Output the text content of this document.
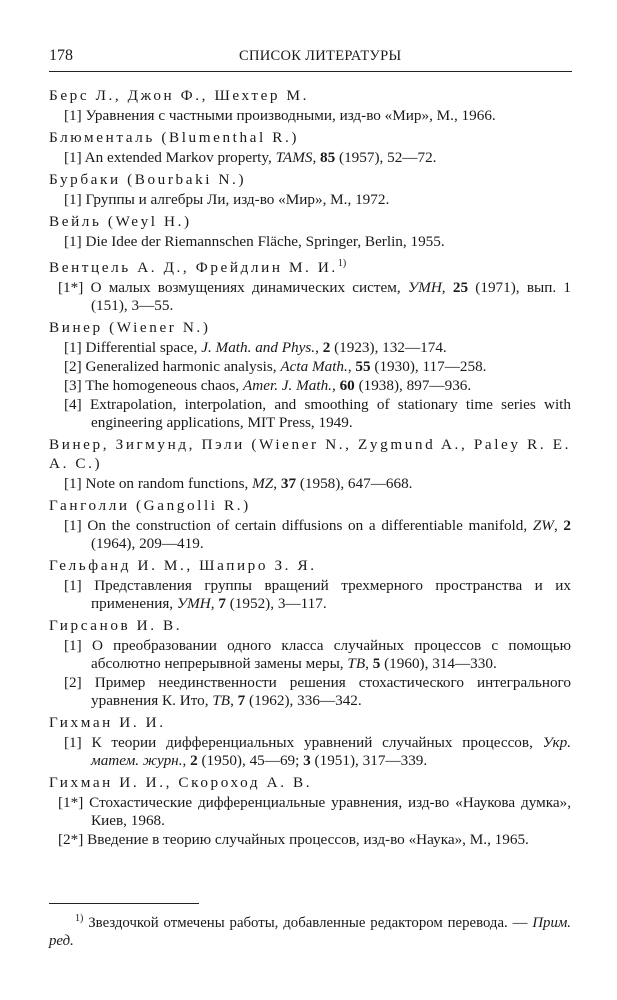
178	СПИСОК ЛИТЕРАТУРЫ
Берс Л., Джон Ф., Шехтер М.
[1] Уравнения с частными производными, изд-во «Мир», М., 1966.
Блюменталь (Blumenthal R.)
[1] An extended Markov property, TAMS, 85 (1957), 52—72.
Бурбаки (Bourbaki N.)
[1] Группы и алгебры Ли, изд-во «Мир», М., 1972.
Вейль (Weyl H.)
[1] Die Idee der Riemannschen Fläche, Springer, Berlin, 1955.
Вентцель А. Д., Фрейдлин М. И.$^{1)}$
[1*] О малых возмущениях динамических систем, УМН, 25 (1971), вып. 1 (151), 3—55.
Винер (Wiener N.)
[1] Differential space, J. Math. and Phys., 2 (1923), 132—174.
[2] Generalized harmonic analysis, Acta Math., 55 (1930), 117—258.
[3] The homogeneous chaos, Amer. J. Math., 60 (1938), 897—936.
[4] Extrapolation, interpolation, and smoothing of stationary time series with engineering applications, MIT Press, 1949.
Винер, Зигмунд, Пэли (Wiener N., Zygmund A., Paley R. E. A. C.)
[1] Note on random functions, MZ, 37 (1958), 647—668.
Ганголли (Gangolli R.)
[1] On the construction of certain diffusions on a differentiable manifold, ZW, 2 (1964), 209—419.
Гельфанд И. М., Шапиро З. Я.
[1] Представления группы вращений трехмерного пространства и их применения, УМН, 7 (1952), 3—117.
Гирсанов И. В.
[1] О преобразовании одного класса случайных процессов с помощью абсолютно непрерывной замены меры, ТВ, 5 (1960), 314—330.
[2] Пример неединственности решения стохастического интегрального уравнения К. Ито, ТВ, 7 (1962), 336—342.
Гихман И. И.
[1] К теории дифференциальных уравнений случайных процессов, Укр. матем. журн., 2 (1950), 45—69; 3 (1951), 317—339.
Гихман И. И., Скороход А. В.
[1*] Стохастические дифференциальные уравнения, изд-во «Наукова думка», Киев, 1968.
[2*] Введение в теорию случайных процессов, изд-во «Наука», М., 1965.
$^{1)}$ Звездочкой отмечены работы, добавленные редактором перевода. — Прим. ред.
